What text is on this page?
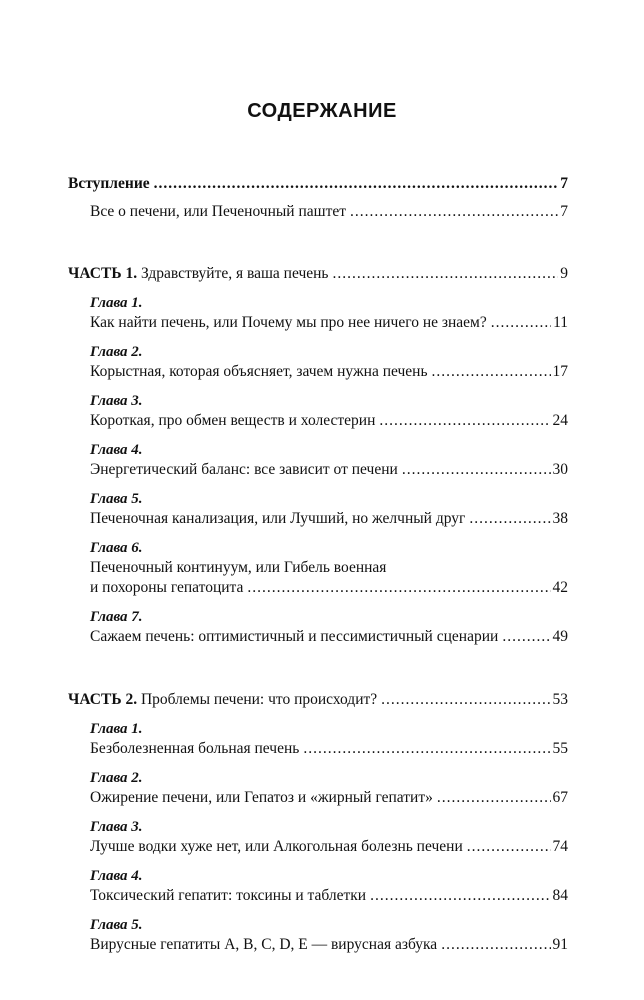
СОДЕРЖАНИЕ
Вступление .....	7
Все о печени, или Печеночный паштет .....	7
ЧАСТЬ 1. Здравствуйте, я ваша печень .....	9
Глава 1.
Как найти печень, или Почему мы про нее ничего не знаем? .....	11
Глава 2.
Корыстная, которая объясняет, зачем нужна печень .....	17
Глава 3.
Короткая, про обмен веществ и холестерин .....	24
Глава 4.
Энергетический баланс: все зависит от печени .....	30
Глава 5.
Печеночная канализация, или Лучший, но желчный друг .....	38
Глава 6.
Печеночный континуум, или Гибель военная
и похороны гепатоцита .....	42
Глава 7.
Сажаем печень: оптимистичный и пессимистичный сценарии .....	49
ЧАСТЬ 2. Проблемы печени: что происходит? .....	53
Глава 1.
Безболезненная больная печень .....	55
Глава 2.
Ожирение печени, или Гепатоз и «жирный гепатит» .....	67
Глава 3.
Лучше водки хуже нет, или Алкогольная болезнь печени .....	74
Глава 4.
Токсический гепатит: токсины и таблетки .....	84
Глава 5.
Вирусные гепатиты A, B, C, D, E — вирусная азбука .....	91
